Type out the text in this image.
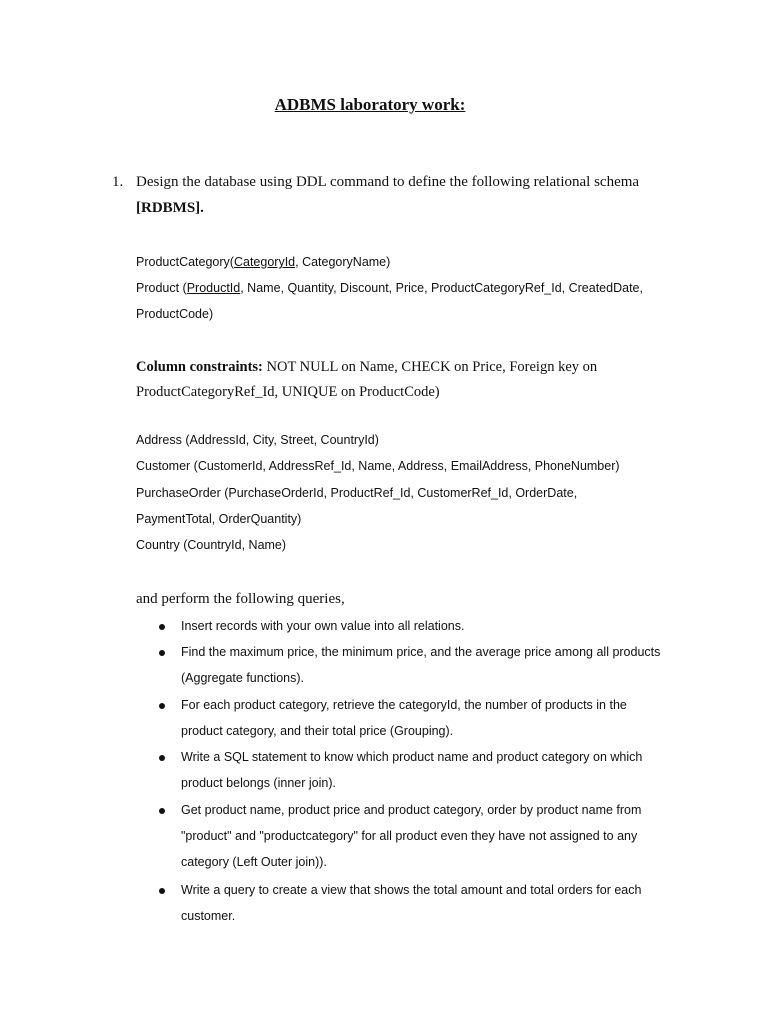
ADBMS laboratory work:
1. Design the database using DDL command to define the following relational schema
[RDBMS].
ProductCategory(CategoryId, CategoryName)
Product (ProductId, Name, Quantity, Discount, Price, ProductCategoryRef_Id, CreatedDate,
ProductCode)
Column constraints: NOT NULL on Name, CHECK on Price, Foreign key on
ProductCategoryRef_Id, UNIQUE on ProductCode)
Address (AddressId, City, Street, CountryId)
Customer (CustomerId, AddressRef_Id, Name, Address, EmailAddress, PhoneNumber)
PurchaseOrder (PurchaseOrderId, ProductRef_Id, CustomerRef_Id, OrderDate,
PaymentTotal, OrderQuantity)
Country (CountryId, Name)
and perform the following queries,
Insert records with your own value into all relations.
Find the maximum price, the minimum price, and the average price among all products
(Aggregate functions).
For each product category, retrieve the categoryId, the number of products in the
product category, and their total price (Grouping).
Write a SQL statement to know which product name and product category on which
product belongs (inner join).
Get product name, product price and product category, order by product name from
"product" and "productcategory" for all product even they have not assigned to any
category (Left Outer join)).
Write a query to create a view that shows the total amount and total orders for each
customer.
